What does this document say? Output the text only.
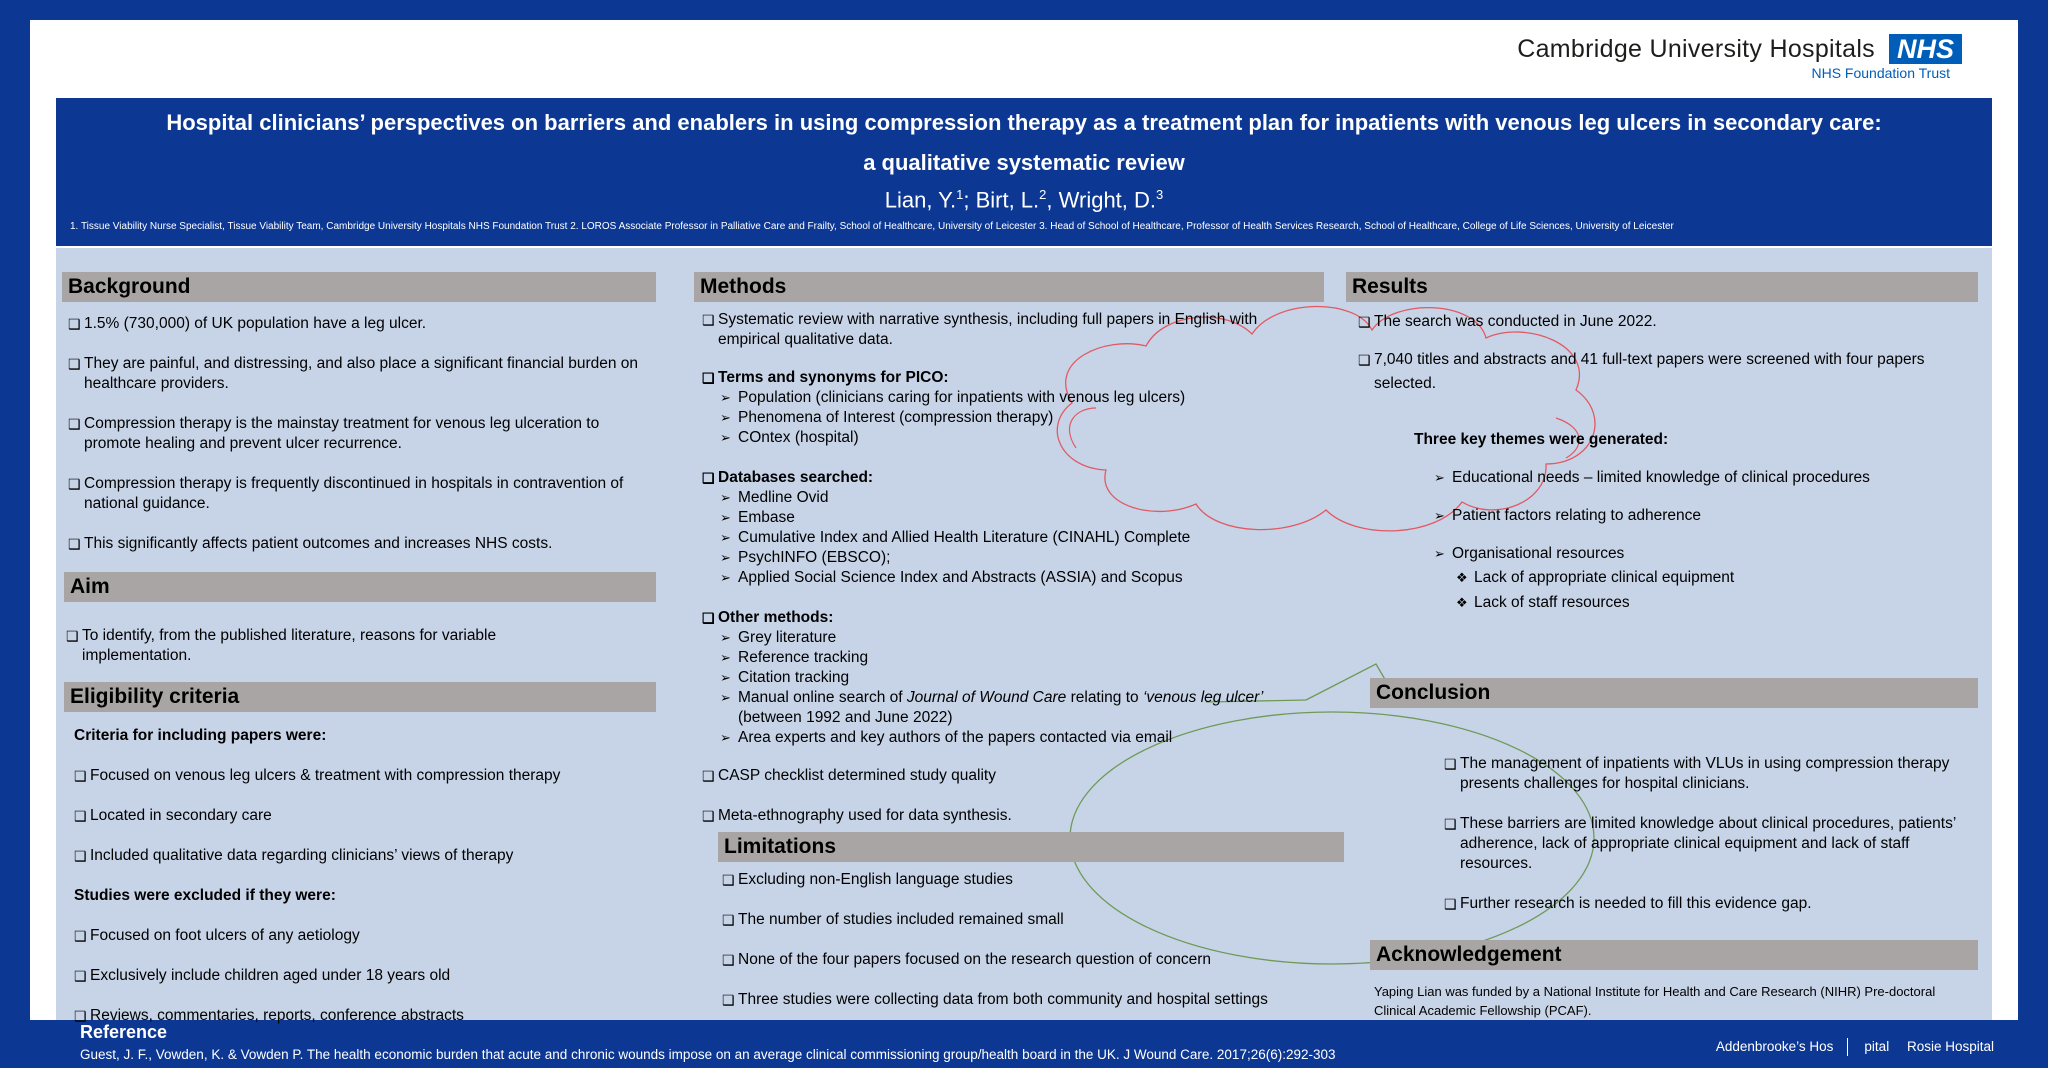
Cambridge University Hospitals NHS
NHS Foundation Trust
Hospital clinicians’ perspectives on barriers and enablers in using compression therapy as a treatment plan for inpatients with venous leg ulcers in secondary care:
a qualitative systematic review
Lian, Y.$^1$; Birt, L.$^2$, Wright, D.$^3$
1. Tissue Viability Nurse Specialist, Tissue Viability Team, Cambridge University Hospitals NHS Foundation Trust 2. LOROS Associate Professor in Palliative Care and Frailty, School of Healthcare, University of Leicester 3. Head of School of Healthcare, Professor of Health Services Research, School of Healthcare, College of Life Sciences, University of Leicester
Background
❑ 1.5% (730,000) of UK population have a leg ulcer.
❑ They are painful, and distressing, and also place a significant financial burden on healthcare providers.
❑ Compression therapy is the mainstay treatment for venous leg ulceration to promote healing and prevent ulcer recurrence.
❑ Compression therapy is frequently discontinued in hospitals in contravention of national guidance.
❑ This significantly affects patient outcomes and increases NHS costs.
Aim
❑ To identify, from the published literature, reasons for variable implementation.
Eligibility criteria
Criteria for including papers were:
❑ Focused on venous leg ulcers & treatment with compression therapy
❑ Located in secondary care
❑ Included qualitative data regarding clinicians’ views of therapy
Studies were excluded if they were:
❑ Focused on foot ulcers of any aetiology
❑ Exclusively include children aged under 18 years old
❑ Reviews, commentaries, reports, conference abstracts
Methods
❑ Systematic review with narrative synthesis, including full papers in English with empirical qualitative data.
❑ Terms and synonyms for PICO:
➢ Population (clinicians caring for inpatients with venous leg ulcers)
➢ Phenomena of Interest (compression therapy)
➢ COntex (hospital)
❑ Databases searched:
➢ Medline Ovid
➢ Embase
➢ Cumulative Index and Allied Health Literature (CINAHL) Complete
➢ PsychINFO (EBSCO);
➢ Applied Social Science Index and Abstracts (ASSIA) and Scopus
❑ Other methods:
➢ Grey literature
➢ Reference tracking
➢ Citation tracking
➢ Manual online search of Journal of Wound Care relating to ‘venous leg ulcer’ (between 1992 and June 2022)
➢ Area experts and key authors of the papers contacted via email
❑ CASP checklist determined study quality
❑ Meta-ethnography used for data synthesis.
Limitations
❑ Excluding non-English language studies
❑ The number of studies included remained small
❑ None of the four papers focused on the research question of concern
❑ Three studies were collecting data from both community and hospital settings
Results
❑ The search was conducted in June 2022.
❑ 7,040 titles and abstracts and 41 full-text papers were screened with four papers selected.
Three key themes were generated:
➢ Educational needs – limited knowledge of clinical procedures
➢ Patient factors relating to adherence
➢ Organisational resources
❖ Lack of appropriate clinical equipment
❖ Lack of staff resources
Conclusion
❑ The management of inpatients with VLUs in using compression therapy presents challenges for hospital clinicians.
❑ These barriers are limited knowledge about clinical procedures, patients’ adherence, lack of appropriate clinical equipment and lack of staff resources.
❑ Further research is needed to fill this evidence gap.
Acknowledgement
Yaping Lian was funded by a National Institute for Health and Care Research (NIHR) Pre-doctoral Clinical Academic Fellowship (PCAF).
Reference
Guest, J. F., Vowden, K. & Vowden P. The health economic burden that acute and chronic wounds impose on an average clinical commissioning group/health board in the UK. J Wound Care. 2017;26(6):292-303
Addenbrooke’s Hos pital Rosie Hospital
